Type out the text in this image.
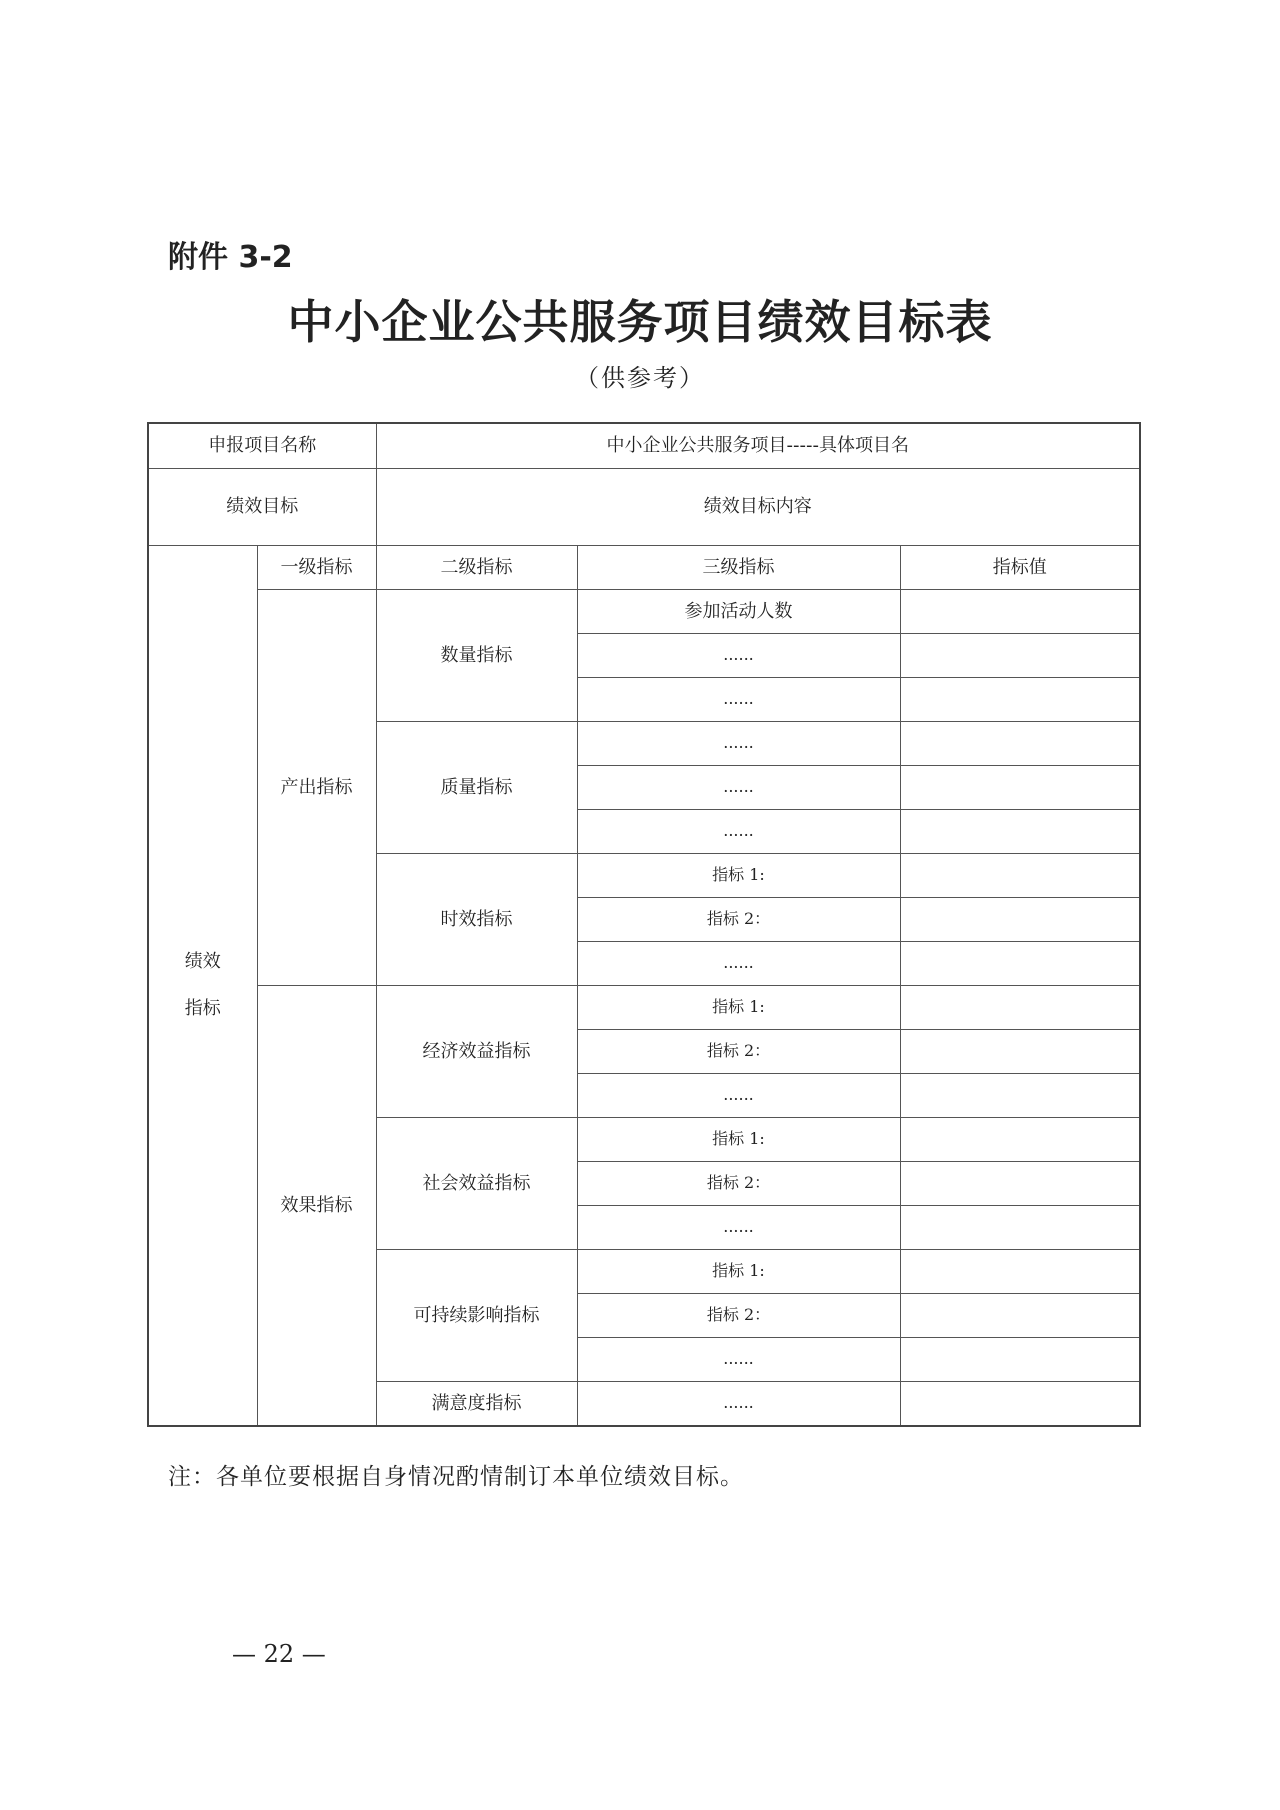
附件 3-2
中小企业公共服务项目绩效目标表
（供参考）
申报项目名称		中小企业公共服务项目-----具体项目名		
绩效目标		绩效目标内容		
绩效

指标	一级指标	二级指标	三级指标	指标值
	产出指标	数量指标	参加活动人数	
			......	
			......	
		质量指标	......	
			......	
			......	
		时效指标	指标 1:	
			指标 2：	
			......	
	效果指标	经济效益指标	指标 1:	
			指标 2：	
			......	
		社会效益指标	指标 1:	
			指标 2：	
			......	
		可持续影响指标	指标 1:	
			指标 2：	
			......	
		满意度指标	......	
注：各单位要根据自身情况酌情制订本单位绩效目标。
— 22 —
